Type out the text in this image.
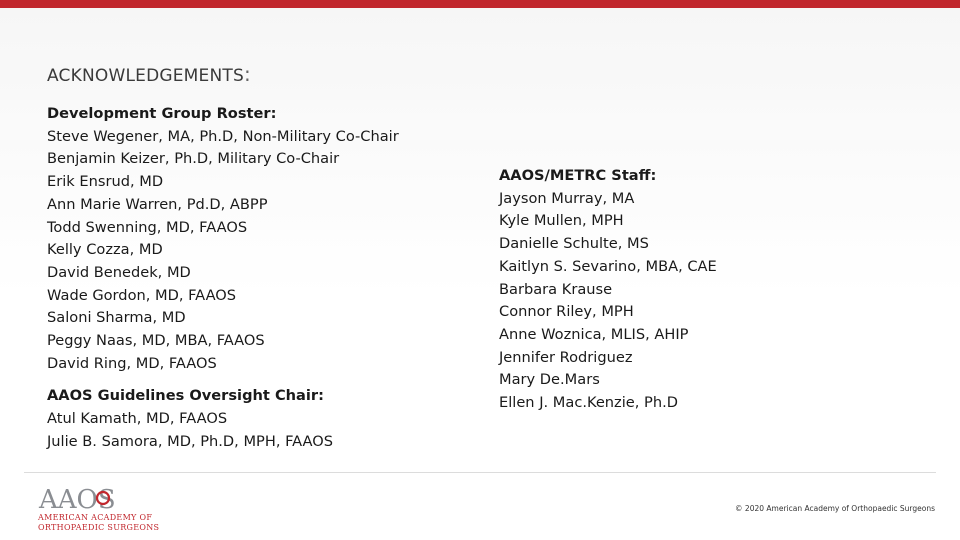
ACKNOWLEDGEMENTS:
Development Group Roster:
Steve Wegener, MA, Ph.D, Non-Military Co-Chair
Benjamin Keizer, Ph.D, Military Co-Chair
Erik Ensrud, MD
Ann Marie Warren, Pd.D, ABPP
Todd Swenning, MD, FAAOS
Kelly Cozza, MD
David Benedek, MD
Wade Gordon, MD, FAAOS
Saloni Sharma, MD
Peggy Naas, MD, MBA, FAAOS
David Ring, MD, FAAOS
AAOS Guidelines Oversight Chair:
Atul Kamath, MD, FAAOS
Julie B. Samora, MD, Ph.D, MPH, FAAOS
AAOS/METRC Staff:
Jayson Murray, MA
Kyle Mullen, MPH
Danielle Schulte, MS
Kaitlyn S. Sevarino, MBA, CAE
Barbara Krause
Connor Riley, MPH
Anne Woznica, MLIS, AHIP
Jennifer Rodriguez
Mary De.Mars
Ellen J. Mac.Kenzie, Ph.D
AAOS
AMERICAN ACADEMY OF
ORTHOPAEDIC SURGEONS
© 2020 American Academy of Orthopaedic Surgeons
